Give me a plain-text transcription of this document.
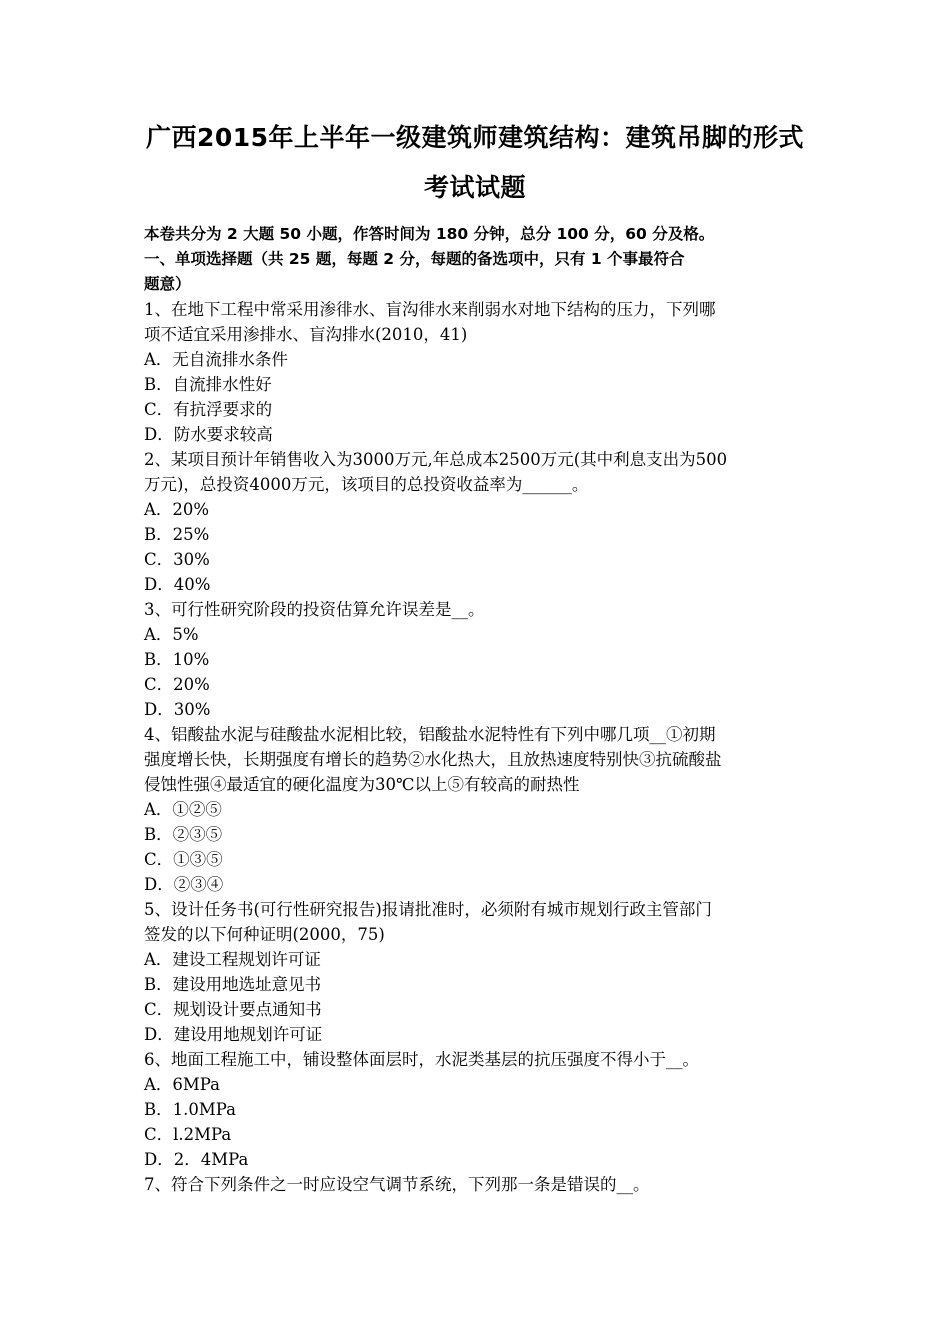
广西2015年上半年一级建筑师建筑结构：建筑吊脚的形式
考试试题
本卷共分为 2 大题 50 小题，作答时间为 180 分钟，总分 100 分，60 分及格。
一、单项选择题（共 25 题，每题 2 分，每题的备选项中，只有 1 个事最符合
题意）
1、在地下工程中常采用渗徘水、盲沟徘水来削弱水对地下结构的压力，下列哪
项不适宜采用渗排水、盲沟排水(2010，41)
A．无自流排水条件
B．自流排水性好
C．有抗浮要求的
D．防水要求较高
2、某项目预计年销售收入为3000万元,年总成本2500万元(其中利息支出为500
万元)，总投资4000万元，该项目的总投资收益率为______。
A．20%
B．25%
C．30%
D．40%
3、可行性研究阶段的投资估算允许误差是__。
A．5%
B．10%
C．20%
D．30%
4、铝酸盐水泥与硅酸盐水泥相比较，铝酸盐水泥特性有下列中哪几项__①初期
强度增长快，长期强度有增长的趋势②水化热大，且放热速度特别快③抗硫酸盐
侵蚀性强④最适宜的硬化温度为30℃以上⑤有较高的耐热性
A．①②⑤
B．②③⑤
C．①③⑤
D．②③④
5、设计任务书(可行性研究报告)报请批准时，必须附有城市规划行政主管部门
签发的以下何种证明(2000，75)
A．建设工程规划许可证
B．建设用地选址意见书
C．规划设计要点通知书
D．建设用地规划许可证
6、地面工程施工中，铺设整体面层时，水泥类基层的抗压强度不得小于__。
A．6MPa
B．1.0MPa
C．l.2MPa
D．2．4MPa
7、符合下列条件之一时应设空气调节系统，下列那一条是错误的__。
